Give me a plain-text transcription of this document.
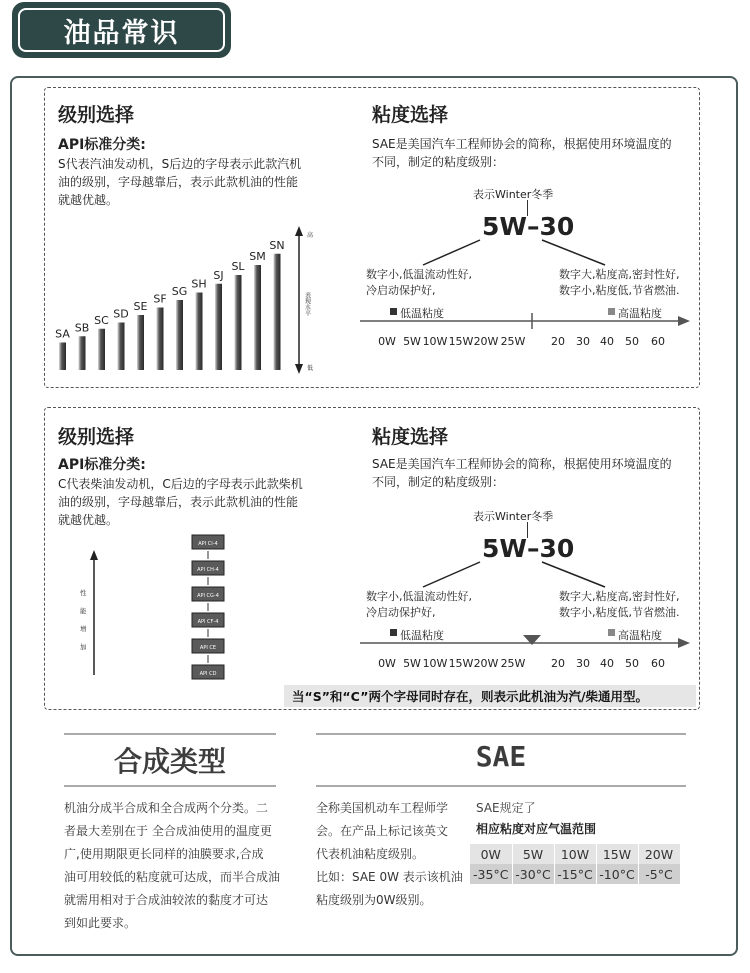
油品常识
级别选择
API标准分类:
S代表汽油发动机，S后边的字母表示此款汽机
油的级别，字母越靠后，表示此款机油的性能
就越优越。
SA SB
SC SD
SE
SF
SG
SH
SJ
SL
SM
SN
高
表现水平
低
粘度选择
SAE是美国汽车工程师协会的简称，根据使用环境温度的
不同，制定的粘度级别：
表示Winter冬季
5W–30
0W 5W 10W 15W 20W 25W 20 30 40 50 60
数字小,低温流动性好,
冷启动保护好,
数字大,粘度高,密封性好,
数字小,粘度低,节省燃油.
低温粘度	高温粘度
级别选择
API标准分类:
C代表柴油发动机，C后边的字母表示此款柴机
油的级别，字母越靠后，表示此款机油的性能
就越优越。
性
能
增
加
API CI-4
API CH-4
API CG-4
API CF-4
API CE
API CD
粘度选择
SAE是美国汽车工程师协会的简称，根据使用环境温度的
不同，制定的粘度级别：
表示Winter冬季
5W–30
0W 5W 10W 15W 20W 25W 20 30 40 50 60
数字小,低温流动性好,
冷启动保护好,
数字大,粘度高,密封性好,
数字小,粘度低,节省燃油.
低温粘度	高温粘度
当“S”和“C”两个字母同时存在，则表示此机油为汽/柴通用型。
合成类型
机油分成半合成和全合成两个分类。二
者最大差别在于 全合成油使用的温度更
广,使用期限更长同样的油膜要求,合成
油可用较低的粘度就可达成，而半合成油
就需用相对于合成油较浓的黏度才可达
到如此要求。
SAE
全称美国机动车工程师学
会。在产品上标记该英文
代表机油粘度级别。
比如：SAE 0W 表示该机油
粘度级别为0W级别。
SAE规定了
相应粘度对应气温范围
0W	5W	10W	15W	20W
-35°C	-30°C	-15°C	-10°C	-5°C
